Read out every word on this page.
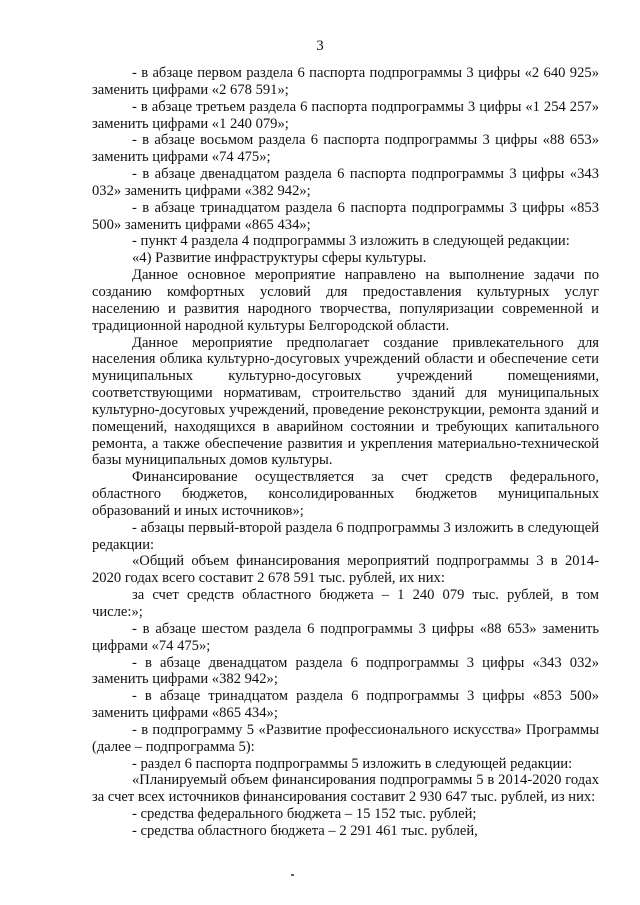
3

- в абзаце первом раздела 6 паспорта подпрограммы 3 цифры «2 640 925» заменить цифрами «2 678 591»;

- в абзаце третьем раздела 6 паспорта подпрограммы 3 цифры «1 254 257» заменить цифрами «1 240 079»;

- в абзаце восьмом раздела 6 паспорта подпрограммы 3 цифры «88 653» заменить цифрами «74 475»;

- в абзаце двенадцатом раздела 6 паспорта подпрограммы 3 цифры «343 032» заменить цифрами «382 942»;

- в абзаце тринадцатом раздела 6 паспорта подпрограммы 3 цифры «853 500» заменить цифрами «865 434»;

- пункт 4 раздела 4 подпрограммы 3 изложить в следующей редакции:

«4) Развитие инфраструктуры сферы культуры.

Данное основное мероприятие направлено на выполнение задачи по созданию комфортных условий для предоставления культурных услуг населению и развития народного творчества, популяризации современной и традиционной народной культуры Белгородской области.

Данное мероприятие предполагает создание привлекательного для населения облика культурно-досуговых учреждений области и обеспечение сети муниципальных культурно-досуговых учреждений помещениями, соответствующими нормативам, строительство зданий для муниципальных культурно-досуговых учреждений, проведение реконструкции, ремонта зданий и помещений, находящихся в аварийном состоянии и требующих капитального ремонта, а также обеспечение развития и укрепления материально-технической базы муниципальных домов культуры.

Финансирование осуществляется за счет средств федерального, областного бюджетов, консолидированных бюджетов муниципальных образований и иных источников»;

- абзацы первый-второй раздела 6 подпрограммы 3 изложить в следующей редакции:

«Общий объем финансирования мероприятий подпрограммы 3 в 2014-2020 годах всего составит 2 678 591 тыс. рублей, их них:

за счет средств областного бюджета – 1 240 079 тыс. рублей, в том числе:»;

- в абзаце шестом раздела 6 подпрограммы 3 цифры «88 653» заменить цифрами «74 475»;

- в абзаце двенадцатом раздела 6 подпрограммы 3 цифры «343 032» заменить цифрами «382 942»;

- в абзаце тринадцатом раздела 6 подпрограммы 3 цифры «853 500» заменить цифрами «865 434»;

- в подпрограмму 5 «Развитие профессионального искусства» Программы (далее – подпрограмма 5):

- раздел 6 паспорта подпрограммы 5 изложить в следующей редакции:

«Планируемый объем финансирования подпрограммы 5 в 2014-2020 годах за счет всех источников финансирования составит 2 930 647 тыс. рублей, из них:

- средства федерального бюджета – 15 152 тыс. рублей;

- средства областного бюджета – 2 291 461 тыс. рублей,
